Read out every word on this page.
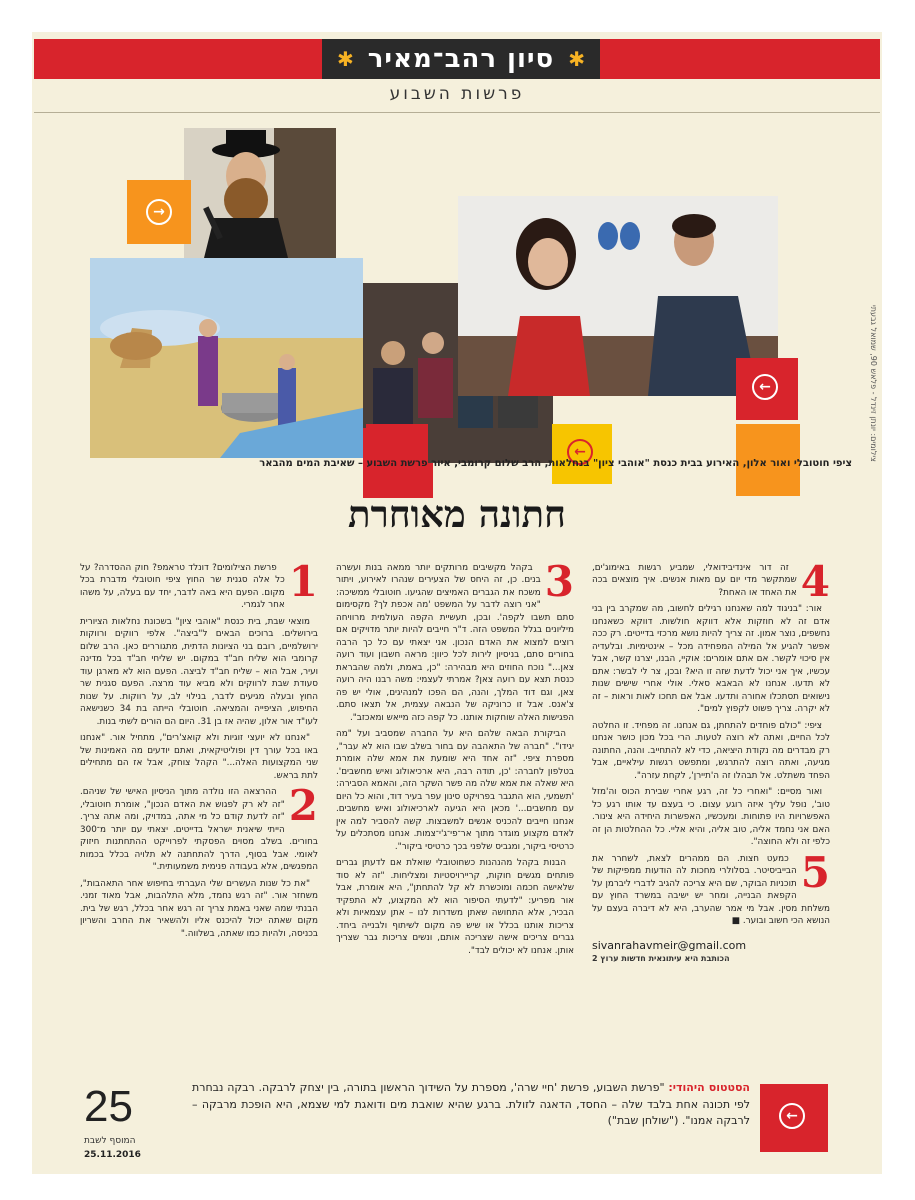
✱ סיון רהב־מאיר ✱
פרשות השבוע
→
←
←
צילומים: יונתן זינדל - פלאש 90, שמואל גבעתי
ציפי חוטובלי ואור אלון, האירוע בבית כנסת "אוהבי ציון" בנחלאות, הרב שלום קרומבי, איור פרשת השבוע – שאיבת המים מהבאר
חתונה מאוחרת
1

פרשת הצילומים? דונלד טראמפ? חוק ההסדרה? על כל אלה סגנית שר החוץ ציפי חוטובלי מדברת בכל מקום. הפעם היא באה לדבר, יחד עם בעלה, על משהו אחר לגמרי.

מוצאי שבת, בית כנסת "אוהבי ציון" בשכונת נחלאות הציורית בירושלים. ברוכים הבאים ל"ביצה". אלפי רווקים ורווקות ירושלמיים, רובם בני הציונות הדתית, מתגוררים כאן. הרב שלום קרומבי הוא שליח חב"ד במקום. יש שליחי חב"ד בכל מדינה ועיר, אבל הוא – שליח חב"ד לביצה. הפעם הוא לא מארגן עוד סעודת שבת לרווקים ולא מביא עוד מרצה. הפעם סגנית שר החוץ ובעלה מגיעים לדבר, בנילוי לב, על רווקות. על שנות החיפוש, הציפייה והמציאה. חוטובלי הייתה בת 34 כשנישאה לעו"ד אור אלון, שהיה אז בן 31. היום הם הורים לשתי בנות.

"אנחנו לא יועצי זוגיות ולא קואצ'רים", מתחיל אור. "אנחנו באו בכל עורך דין ופוליטיקאית, ואתם יודעים מה האמינות של שני המקצועות האלה..." הקהל צוחק, אבל אז הם מתחילים לתת בראש.

2

ההרצאה הזו נולדה מתוך הניסיון האישי של שניהם. "זה לא רק לפגוש את האדם הנכון", אומרת חוטובלי, "זה לדעת קודם כל מי אתה, במדויק, ומה אתה צריך. הייתי שיאנית ישראל בדייטים. יצאתי עם יותר מ־300 בחורים. בשלב מסוים הפסקתי לפרוייקט ההתחתנות חיזוק לאומי. אבל בסוף, הדרך להתחתנה לא תלויה בכלל בכמות המפגשים, אלא בעבודה פנימית משמעותית."

"את כל שנות העשרים שלי העברתי בחיפוש אחר התאהבות", משחזר אור. "זה רגש נחמד, מלא התלהבות, אבל מאוד זמני. הבנתי שמה שאני באמת צריך זה רגש אחר בכלל, רגש של בית. מקום שאתה יכול להיכנס אליו ולהשאיר את החרב והשריון בכניסה, ולהיות כמו שאתה, בשלווה."

3

בקהל מקשיבים מרותקים יותר ממאה בנות ועשרה בנים. כן, זה היחס של הצעירים שנהרו לאירוע, ויתור משכח את הגברים האמיצים שהגיעו. חוטובלי ממשיכה: "אני רוצה לדבר על המשפט 'מה אכפת לך? מקסימום סתם תשבו לקפה'. ובכן, תעשיית הקפה העולמית מרוויחה מיליונים בגלל המשפט הזה. ד"ר חייבים להיות יותר מדויקים אם רוצים למצוא את האדם הנכון. אני יצאתי עם כל כך הרבה בחורים סתם, בניסיון לירות לכל כיוון: מראה חשבון ועוד רועה צאן..." נוכח החוזים היא מבהירה: "כן, באמת, ולמה שהבראת כנסת תצא עם רועה צאן? אמרתי לעצמי: משה רבנו היה רועה צאן, וגם דוד המלך, והנה, הם הפכו למנהיגים, אולי יש פה צ'אנס. אבל זו כרוניקה של הנבאה עצמית, אל תצאו סתם. הפגישות האלה שוחקות אותנו. כל קפה כזה מייאש ומאכזב".

הביקורת הבאה שלהם היא על החברה שמסביב ועל "מה יגידו". "חברה של התאהבה עם בחור בשלב שבו הוא לא עבר", מספרת ציפי. "זה אחד היא שומעת את אמא שלה אומרת בטלפון לחברה: 'כן, תודה רבה, היא ארכיאולוג ואיש מחשבים'. היא שאלה את אמא שלה מה פשר השקר הזה, והאמא הסבירה: 'תשמעי, הוא התגבר בפרויקט סינון עפר בעיר דוד, והוא כל היום עם מחשבים...' מכאן היא הגיעה לארכיאולוג ואיש מחשבים. אנחנו חייבים להכניס אנשים למשבצות. קשה להסביר למה אין לאדם מקצוע מוגדר מתוך אר־פי־ג'י־צמות. אנחנו מסתכלים על כרטיסי ביקור, ומגביס שלפני בכך כרטיסי ביקור".

הבנות בקהל מהנהנות כשחוטובלי שואלת אם לדעתן גברים פותחים מגשים חוקות, קריירויסטיות ומצליחות. "זה לא סוד שלאישה חכמה ומוכשרת לא קל להתחתן", היא אומרת, אבל אור מפריע: "לדעתי הסיפור הוא לא המקצוע, לא התפקיד הבכיר, אלא התחושה שאתן משדרות לנו – אתן עצמאיות ולא צריכות אותנו בכלל או שיש פה מקום לשיתוף ולבנייה ביחד. גברים צריכים אישה שצריכה אותם, ונשים צריכות גבר שצריך אותן. אנחנו לא יכולים לבד".

4

זה דור אינדיבידואלי, שמביע רגשות באימוג'ים, שמתקשר מדי יום עם מאות אנשים. איך מוצאים בכה את האחד או האחת?

אור: "בניגוד למה שאנחנו רגילים לחשוב, מה שמקרב בין בני אדם זה לא חוזקות אלא דווקא חולשות. דווקא כשאנחנו נחשפים, נוצר אמון. זה צריך להיות נושא מרכזי בדייטים. רק ככה אפשר להגיע אל המילה המפחידה מכל – אינטימיות. ובלעדיה אין סיכוי לקשר. אם אתם אומרים: אוקיי, הבנו, יצרנו קשר, אבל עכשיו, איך אני יכול לדעת שזה זו היא? ובכן, צר לי לבשר: אתם לא תדעו. אנחנו לא הבאבא סאלי. אולי אחרי שישים שנות נישואים תסתכלו אחורה ותדעו. אבל אם תחכו לאות וראות – זה לא יקרה. צריך פשוט לקפוץ למים".

ציפי: "כולם פוחדים להתחתן, גם אנחנו. זה מפחיד. זו החלטה לכל החיים, ואתה לא רוצה לטעות. הרי בכל מכון כושר אנחנו רק מבדרים מה נקודת היציאה, כדי לא להתחייב. והנה, החתונה מגיעה, ואתה רוצה להתרגש, ומתפשט רגשות עילאיים, אבל הפחד משתלט. אל תבהלו זה ה'תיירן', לקחת עזרה".

ואור מסיים: "ואחרי כל זה, רגע אחרי שבירת הכוס וה'מזל טוב', נופל עליך איזה רוגע עצום. כי בעצם עד אותו רגע כל האפשרויות היו פתוחות. ומעכשיו, האפשרות היחידה היא צינור. האם אני נחמד אליה, טוב אליה, והיא אליי. כל ההחלטות הן זה כלפי זה ולא החוצה".

5

כמעט חצות. הם ממהרים לצאת, לשחרר את הבייביסיטר. בסלולרי מחכות לה הודעות ממפיקות של תוכניות הבוקר, שם היא צריכה להגיב לדברי ליברמן על הקפאת הבנייה, ומחר יש ישיבה במשרד החוץ עם משלחת מסין. אבל מי אמר שהערב, היא לא דיברה בעצם על הנושא הכי חשוב ובוער. ■

sivanrahavmeir@gmail.com
הכותבת היא עיתונאית חדשות ערוץ 2
←
הסטטוס היהודי: "פרשת השבוע, פרשת 'חיי שרה', מספרת על השידוך הראשון בתורה, בין יצחק לרבקה. רבקה נבחרת לפי תכונה אחת בלבד שלה – החסד, הדאגה לזולת. ברגע שהיא שואבת מים ודואגת למי שצמא, היא הופכת מרבקה – לרבקה אמנו". ("שולחן שבת")
25
המוסף לשבת
25.11.2016
